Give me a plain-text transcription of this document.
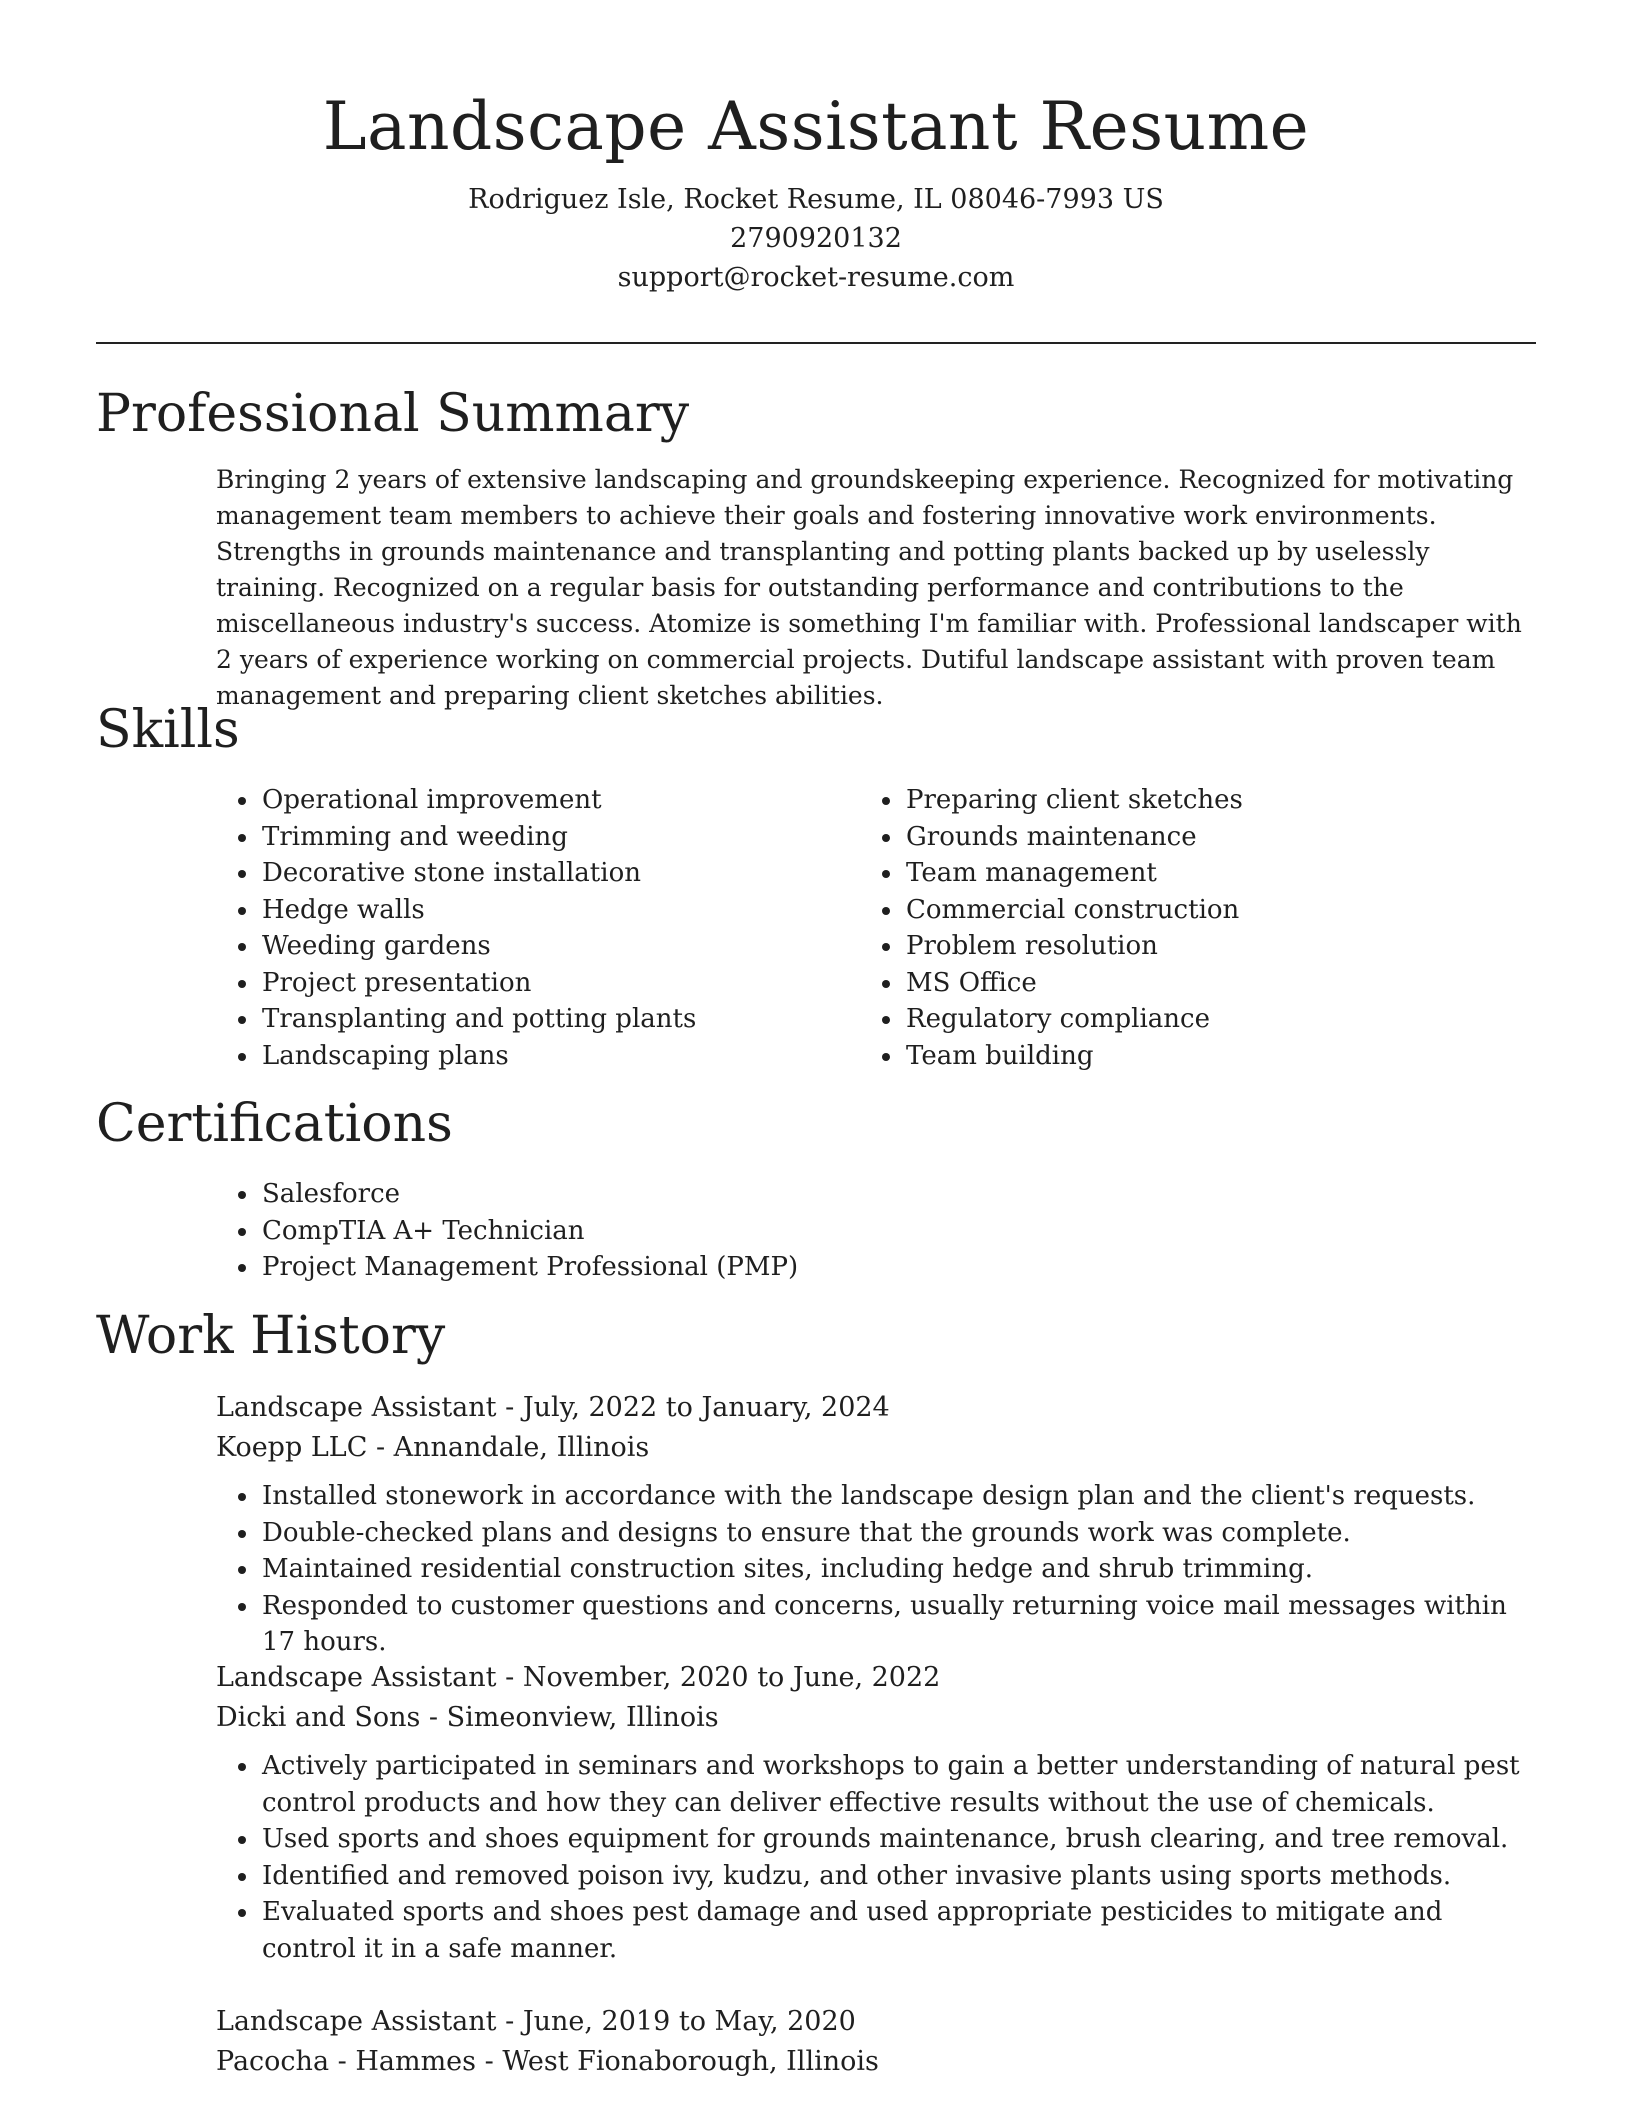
Landscape Assistant Resume
Rodriguez Isle, Rocket Resume, IL 08046-7993 US
2790920132
support@rocket-resume.com
Professional Summary

Bringing 2 years of extensive landscaping and groundskeeping experience. Recognized for motivating management team members to achieve their goals and fostering innovative work environments. Strengths in grounds maintenance and transplanting and potting plants backed up by uselessly training. Recognized on a regular basis for outstanding performance and contributions to the miscellaneous industry's success. Atomize is something I'm familiar with. Professional landscaper with 2 years of experience working on commercial projects. Dutiful landscape assistant with proven team management and preparing client sketches abilities.

Skills
• Operational improvement
• Trimming and weeding
• Decorative stone installation
• Hedge walls
• Weeding gardens
• Project presentation
• Transplanting and potting plants
• Landscaping plans
• Preparing client sketches
• Grounds maintenance
• Team management
• Commercial construction
• Problem resolution
• MS Office
• Regulatory compliance
• Team building
Certifications
• Salesforce
• CompTIA A+ Technician
• Project Management Professional (PMP)
Work History

Landscape Assistant - July, 2022 to January, 2024

Koepp LLC - Annandale, Illinois

• Installed stonework in accordance with the landscape design plan and the client's requests.
• Double-checked plans and designs to ensure that the grounds work was complete.
• Maintained residential construction sites, including hedge and shrub trimming.
• Responded to customer questions and concerns, usually returning voice mail messages within 17 hours.

Landscape Assistant - November, 2020 to June, 2022

Dicki and Sons - Simeonview, Illinois

• Actively participated in seminars and workshops to gain a better understanding of natural pest control products and how they can deliver effective results without the use of chemicals.
• Used sports and shoes equipment for grounds maintenance, brush clearing, and tree removal.
• Identified and removed poison ivy, kudzu, and other invasive plants using sports methods.
• Evaluated sports and shoes pest damage and used appropriate pesticides to mitigate and control it in a safe manner.

Landscape Assistant - June, 2019 to May, 2020

Pacocha - Hammes - West Fionaborough, Illinois
